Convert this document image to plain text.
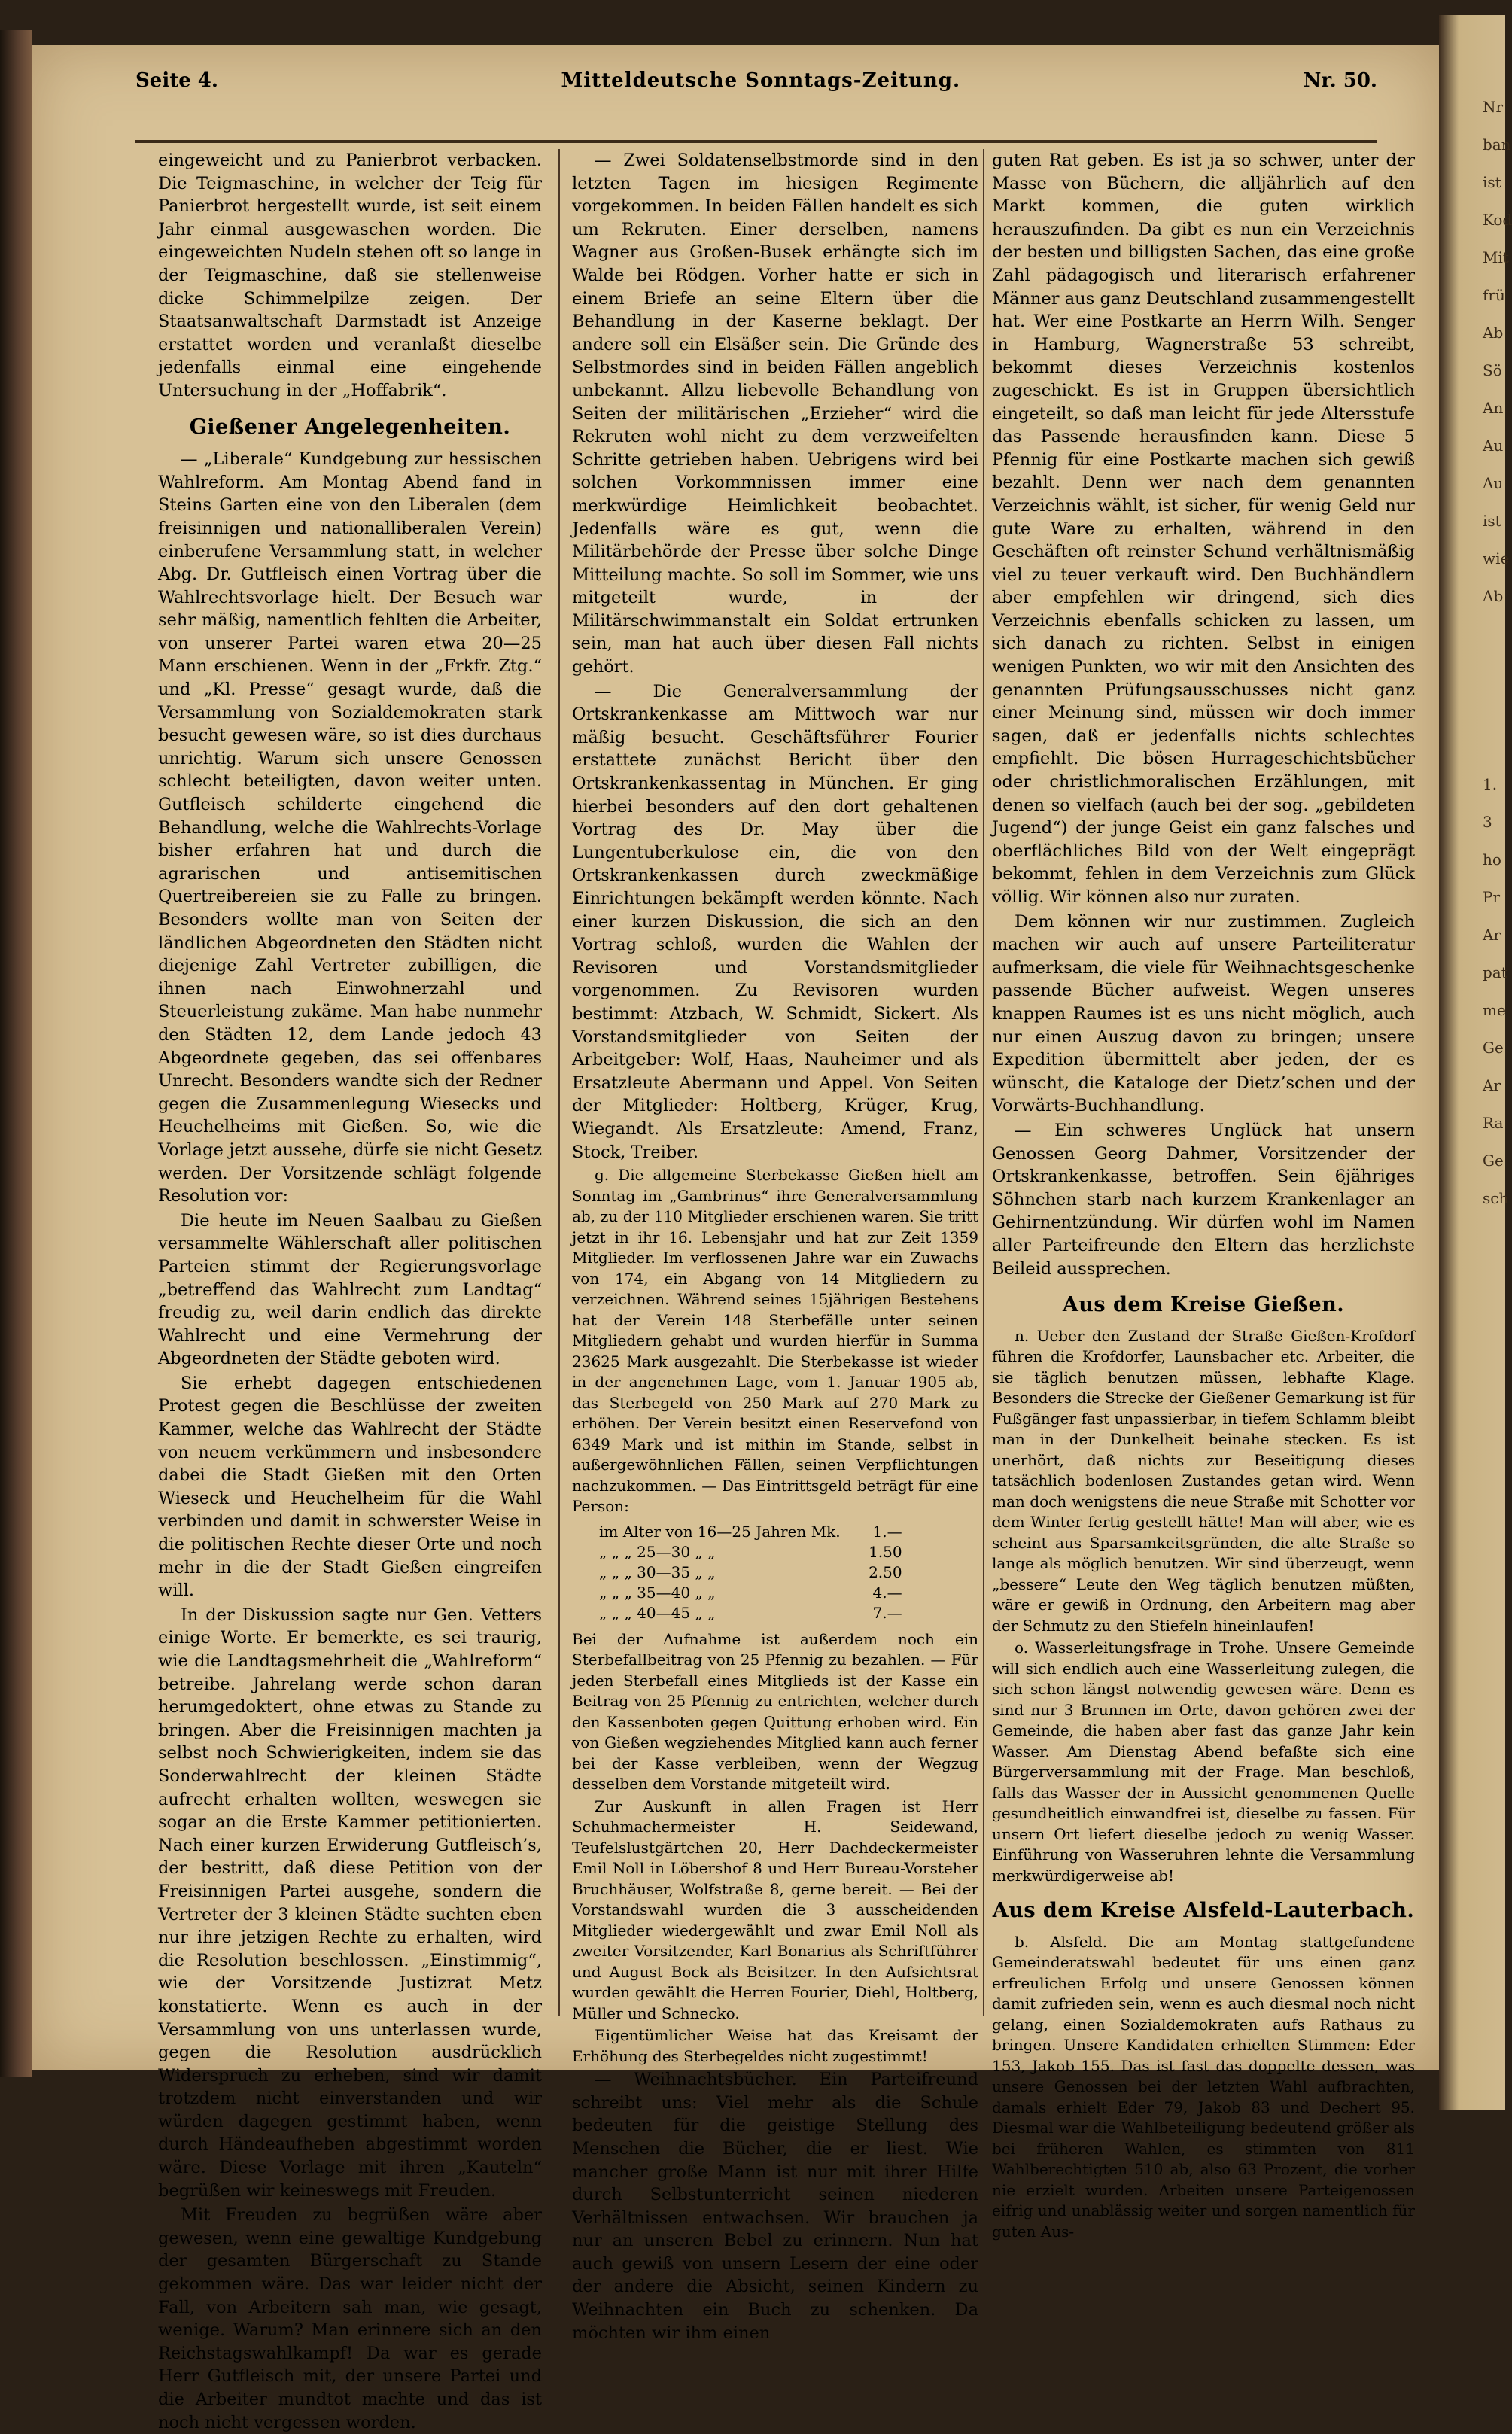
Seite 4.	Mitteldeutsche Sonntags-Zeitung.	Nr. 50.

eingeweicht und zu Panierbrot verbacken. Die Teigmaschine, in welcher der Teig für Panierbrot hergestellt wurde, ist seit einem Jahr einmal ausgewaschen worden. Die eingeweichten Nudeln stehen oft so lange in der Teigmaschine, daß sie stellenweise dicke Schimmelpilze zeigen. Der Staatsanwaltschaft Darmstadt ist Anzeige erstattet worden und veranlaßt dieselbe jedenfalls einmal eine eingehende Untersuchung in der „Hoffabrik“.

Gießener Angelegenheiten.

— „Liberale“ Kundgebung zur hessischen Wahlreform. Am Montag Abend fand in Steins Garten eine von den Liberalen (dem freisinnigen und nationalliberalen Verein) einberufene Versammlung statt, in welcher Abg. Dr. Gutfleisch einen Vortrag über die Wahlrechtsvorlage hielt. Der Besuch war sehr mäßig, namentlich fehlten die Arbeiter, von unserer Partei waren etwa 20—25 Mann erschienen. Wenn in der „Frkfr. Ztg.“ und „Kl. Presse“ gesagt wurde, daß die Versammlung von Sozialdemokraten stark besucht gewesen wäre, so ist dies durchaus unrichtig. Warum sich unsere Genossen schlecht beteiligten, davon weiter unten. Gutfleisch schilderte eingehend die Behandlung, welche die Wahlrechts-Vorlage bisher erfahren hat und durch die agrarischen und antisemitischen Quertreibereien sie zu Falle zu bringen. Besonders wollte man von Seiten der ländlichen Abgeordneten den Städten nicht diejenige Zahl Vertreter zubilligen, die ihnen nach Einwohnerzahl und Steuerleistung zukäme. Man habe nunmehr den Städten 12, dem Lande jedoch 43 Abgeordnete gegeben, das sei offenbares Unrecht. Besonders wandte sich der Redner gegen die Zusammenlegung Wiesecks und Heuchelheims mit Gießen. So, wie die Vorlage jetzt aussehe, dürfe sie nicht Gesetz werden. Der Vorsitzende schlägt folgende Resolution vor:

Die heute im Neuen Saalbau zu Gießen versammelte Wählerschaft aller politischen Parteien stimmt der Regierungsvorlage „betreffend das Wahlrecht zum Landtag“ freudig zu, weil darin endlich das direkte Wahlrecht und eine Vermehrung der Abgeordneten der Städte geboten wird.

Sie erhebt dagegen entschiedenen Protest gegen die Beschlüsse der zweiten Kammer, welche das Wahlrecht der Städte von neuem verkümmern und insbesondere dabei die Stadt Gießen mit den Orten Wieseck und Heuchelheim für die Wahl verbinden und damit in schwerster Weise in die politischen Rechte dieser Orte und noch mehr in die der Stadt Gießen eingreifen will.

In der Diskussion sagte nur Gen. Vetters einige Worte. Er bemerkte, es sei traurig, wie die Landtagsmehrheit die „Wahlreform“ betreibe. Jahrelang werde schon daran herumgedoktert, ohne etwas zu Stande zu bringen. Aber die Freisinnigen machten ja selbst noch Schwierigkeiten, indem sie das Sonderwahlrecht der kleinen Städte aufrecht erhalten wollten, weswegen sie sogar an die Erste Kammer petitionierten. Nach einer kurzen Erwiderung Gutfleisch’s, der bestritt, daß diese Petition von der Freisinnigen Partei ausgehe, sondern die Vertreter der 3 kleinen Städte suchten eben nur ihre jetzigen Rechte zu erhalten, wird die Resolution beschlossen. „Einstimmig“, wie der Vorsitzende Justizrat Metz konstatierte. Wenn es auch in der Versammlung von uns unterlassen wurde, gegen die Resolution ausdrücklich Widerspruch zu erheben, sind wir damit trotzdem nicht einverstanden und wir würden dagegen gestimmt haben, wenn durch Händeaufheben abgestimmt worden wäre. Diese Vorlage mit ihren „Kauteln“ begrüßen wir keineswegs mit Freuden.

Mit Freuden zu begrüßen wäre aber gewesen, wenn eine gewaltige Kundgebung der gesamten Bürgerschaft zu Stande gekommen wäre. Das war leider nicht der Fall, von Arbeitern sah man, wie gesagt, wenige. Warum? Man erinnere sich an den Reichstagswahlkampf! Da war es gerade Herr Gutfleisch mit, der unsere Partei und die Arbeiter mundtot machte und das ist noch nicht vergessen worden.

— Zwei Soldatenselbstmorde sind in den letzten Tagen im hiesigen Regimente vorgekommen. In beiden Fällen handelt es sich um Rekruten. Einer derselben, namens Wagner aus Großen-Busek erhängte sich im Walde bei Rödgen. Vorher hatte er sich in einem Briefe an seine Eltern über die Behandlung in der Kaserne beklagt. Der andere soll ein Elsäßer sein. Die Gründe des Selbstmordes sind in beiden Fällen angeblich unbekannt. Allzu liebevolle Behandlung von Seiten der militärischen „Erzieher“ wird die Rekruten wohl nicht zu dem verzweifelten Schritte getrieben haben. Uebrigens wird bei solchen Vorkommnissen immer eine merkwürdige Heimlichkeit beobachtet. Jedenfalls wäre es gut, wenn die Militärbehörde der Presse über solche Dinge Mitteilung machte. So soll im Sommer, wie uns mitgeteilt wurde, in der Militärschwimmanstalt ein Soldat ertrunken sein, man hat auch über diesen Fall nichts gehört.

— Die Generalversammlung der Ortskrankenkasse am Mittwoch war nur mäßig besucht. Geschäftsführer Fourier erstattete zunächst Bericht über den Ortskrankenkassentag in München. Er ging hierbei besonders auf den dort gehaltenen Vortrag des Dr. May über die Lungentuberkulose ein, die von den Ortskrankenkassen durch zweckmäßige Einrichtungen bekämpft werden könnte. Nach einer kurzen Diskussion, die sich an den Vortrag schloß, wurden die Wahlen der Revisoren und Vorstandsmitglieder vorgenommen. Zu Revisoren wurden bestimmt: Atzbach, W. Schmidt, Sickert. Als Vorstandsmitglieder von Seiten der Arbeitgeber: Wolf, Haas, Nauheimer und als Ersatzleute Abermann und Appel. Von Seiten der Mitglieder: Holtberg, Krüger, Krug, Wiegandt. Als Ersatzleute: Amend, Franz, Stock, Treiber.

g. Die allgemeine Sterbekasse Gießen hielt am Sonntag im „Gambrinus“ ihre Generalversammlung ab, zu der 110 Mitglieder erschienen waren. Sie tritt jetzt in ihr 16. Lebensjahr und hat zur Zeit 1359 Mitglieder. Im verflossenen Jahre war ein Zuwachs von 174, ein Abgang von 14 Mitgliedern zu verzeichnen. Während seines 15jährigen Bestehens hat der Verein 148 Sterbefälle unter seinen Mitgliedern gehabt und wurden hierfür in Summa 23625 Mark ausgezahlt. Die Sterbekasse ist wieder in der angenehmen Lage, vom 1. Januar 1905 ab, das Sterbegeld von 250 Mark auf 270 Mark zu erhöhen. Der Verein besitzt einen Reservefond von 6349 Mark und ist mithin im Stande, selbst in außergewöhnlichen Fällen, seinen Verpflichtungen nachzukommen. — Das Eintrittsgeld beträgt für eine Person:

im Alter von 16—25 Jahren Mk.	1.—
„ „ „ 25—30 „ „	1.50
„ „ „ 30—35 „ „	2.50
„ „ „ 35—40 „ „	4.—
„ „ „ 40—45 „ „	7.—

Bei der Aufnahme ist außerdem noch ein Sterbefallbeitrag von 25 Pfennig zu bezahlen. — Für jeden Sterbefall eines Mitglieds ist der Kasse ein Beitrag von 25 Pfennig zu entrichten, welcher durch den Kassenboten gegen Quittung erhoben wird. Ein von Gießen wegziehendes Mitglied kann auch ferner bei der Kasse verbleiben, wenn der Wegzug desselben dem Vorstande mitgeteilt wird.

Zur Auskunft in allen Fragen ist Herr Schuhmachermeister H. Seidewand, Teufelslustgärtchen 20, Herr Dachdeckermeister Emil Noll in Löbershof 8 und Herr Bureau-Vorsteher Bruchhäuser, Wolfstraße 8, gerne bereit. — Bei der Vorstandswahl wurden die 3 ausscheidenden Mitglieder wiedergewählt und zwar Emil Noll als zweiter Vorsitzender, Karl Bonarius als Schriftführer und August Bock als Beisitzer. In den Aufsichtsrat wurden gewählt die Herren Fourier, Diehl, Holtberg, Müller und Schnecko.

Eigentümlicher Weise hat das Kreisamt der Erhöhung des Sterbegeldes nicht zugestimmt!

— Weihnachtsbücher. Ein Parteifreund schreibt uns: Viel mehr als die Schule bedeuten für die geistige Stellung des Menschen die Bücher, die er liest. Wie mancher große Mann ist nur mit ihrer Hilfe durch Selbstunterricht seinen niederen Verhältnissen entwachsen. Wir brauchen ja nur an unseren Bebel zu erinnern. Nun hat auch gewiß von unsern Lesern der eine oder der andere die Absicht, seinen Kindern zu Weihnachten ein Buch zu schenken. Da möchten wir ihm einen

guten Rat geben. Es ist ja so schwer, unter der Masse von Büchern, die alljährlich auf den Markt kommen, die guten wirklich herauszufinden. Da gibt es nun ein Verzeichnis der besten und billigsten Sachen, das eine große Zahl pädagogisch und literarisch erfahrener Männer aus ganz Deutschland zusammengestellt hat. Wer eine Postkarte an Herrn Wilh. Senger in Hamburg, Wagnerstraße 53 schreibt, bekommt dieses Verzeichnis kostenlos zugeschickt. Es ist in Gruppen übersichtlich eingeteilt, so daß man leicht für jede Altersstufe das Passende herausfinden kann. Diese 5 Pfennig für eine Postkarte machen sich gewiß bezahlt. Denn wer nach dem genannten Verzeichnis wählt, ist sicher, für wenig Geld nur gute Ware zu erhalten, während in den Geschäften oft reinster Schund verhältnismäßig viel zu teuer verkauft wird. Den Buchhändlern aber empfehlen wir dringend, sich dies Verzeichnis ebenfalls schicken zu lassen, um sich danach zu richten. Selbst in einigen wenigen Punkten, wo wir mit den Ansichten des genannten Prüfungsausschusses nicht ganz einer Meinung sind, müssen wir doch immer sagen, daß er jedenfalls nichts schlechtes empfiehlt. Die bösen Hurrageschichtsbücher oder christlichmoralischen Erzählungen, mit denen so vielfach (auch bei der sog. „gebildeten Jugend“) der junge Geist ein ganz falsches und oberflächliches Bild von der Welt eingeprägt bekommt, fehlen in dem Verzeichnis zum Glück völlig. Wir können also nur zuraten.

Dem können wir nur zustimmen. Zugleich machen wir auch auf unsere Parteiliteratur aufmerksam, die viele für Weihnachtsgeschenke passende Bücher aufweist. Wegen unseres knappen Raumes ist es uns nicht möglich, auch nur einen Auszug davon zu bringen; unsere Expedition übermittelt aber jeden, der es wünscht, die Kataloge der Dietz’schen und der Vorwärts-Buchhandlung.

— Ein schweres Unglück hat unsern Genossen Georg Dahmer, Vorsitzender der Ortskrankenkasse, betroffen. Sein 6jähriges Söhnchen starb nach kurzem Krankenlager an Gehirnentzündung. Wir dürfen wohl im Namen aller Parteifreunde den Eltern das herzlichste Beileid aussprechen.

Aus dem Kreise Gießen.

n. Ueber den Zustand der Straße Gießen-Krofdorf führen die Krofdorfer, Launsbacher etc. Arbeiter, die sie täglich benutzen müssen, lebhafte Klage. Besonders die Strecke der Gießener Gemarkung ist für Fußgänger fast unpassierbar, in tiefem Schlamm bleibt man in der Dunkelheit beinahe stecken. Es ist unerhört, daß nichts zur Beseitigung dieses tatsächlich bodenlosen Zustandes getan wird. Wenn man doch wenigstens die neue Straße mit Schotter vor dem Winter fertig gestellt hätte! Man will aber, wie es scheint aus Sparsamkeitsgründen, die alte Straße so lange als möglich benutzen. Wir sind überzeugt, wenn „bessere“ Leute den Weg täglich benutzen müßten, wäre er gewiß in Ordnung, den Arbeitern mag aber der Schmutz zu den Stiefeln hineinlaufen!

o. Wasserleitungsfrage in Trohe. Unsere Gemeinde will sich endlich auch eine Wasserleitung zulegen, die sich schon längst notwendig gewesen wäre. Denn es sind nur 3 Brunnen im Orte, davon gehören zwei der Gemeinde, die haben aber fast das ganze Jahr kein Wasser. Am Dienstag Abend befaßte sich eine Bürgerversammlung mit der Frage. Man beschloß, falls das Wasser der in Aussicht genommenen Quelle gesundheitlich einwandfrei ist, dieselbe zu fassen. Für unsern Ort liefert dieselbe jedoch zu wenig Wasser. Einführung von Wasseruhren lehnte die Versammlung merkwürdigerweise ab!

Aus dem Kreise Alsfeld-Lauterbach.

b. Alsfeld. Die am Montag stattgefundene Gemeinderatswahl bedeutet für uns einen ganz erfreulichen Erfolg und unsere Genossen können damit zufrieden sein, wenn es auch diesmal noch nicht gelang, einen Sozialdemokraten aufs Rathaus zu bringen. Unsere Kandidaten erhielten Stimmen: Eder 153, Jakob 155. Das ist fast das doppelte dessen, was unsere Genossen bei der letzten Wahl aufbrachten, damals erhielt Eder 79, Jakob 83 und Dechert 95. Diesmal war die Wahlbeteiligung bedeutend größer als bei früheren Wahlen, es stimmten von 811 Wahlberechtigten 510 ab, also 63 Prozent, die vorher nie erzielt wurden. Arbeiten unsere Parteigenossen eifrig und unablässig weiter und sorgen namentlich für guten Aus-

Nr
ban
ist
Kod
Mit
frü
Ab
Sö
An
Au
Au
ist
wie
Ab
1.
3
ho
Pr
Ar
pat
me
Ge
Ar
Ra
Ge
sch
